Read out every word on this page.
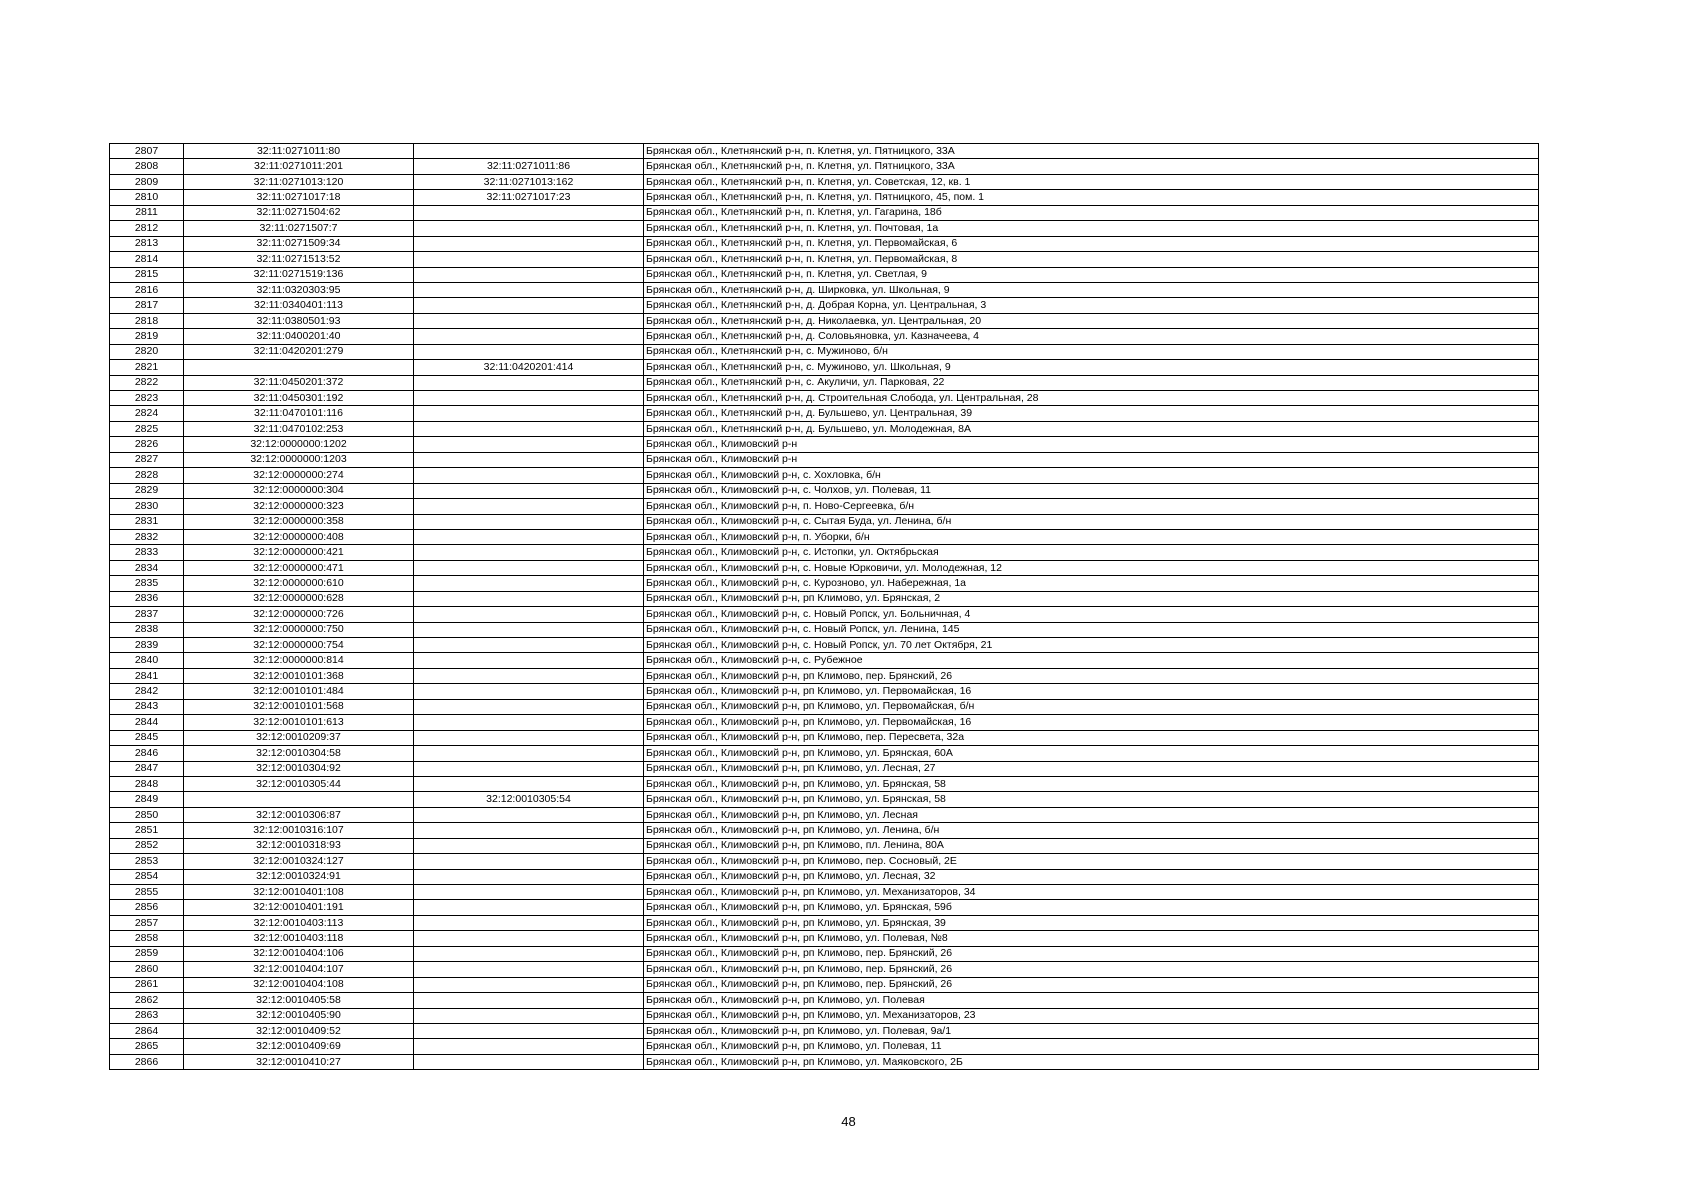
2807	32:11:0271011:80		Брянская обл., Клетнянский р-н, п. Клетня, ул. Пятницкого, 33А
2808	32:11:0271011:201	32:11:0271011:86	Брянская обл., Клетнянский р-н, п. Клетня, ул. Пятницкого, 33А
2809	32:11:0271013:120	32:11:0271013:162	Брянская обл., Клетнянский р-н, п. Клетня, ул. Советская, 12, кв. 1
2810	32:11:0271017:18	32:11:0271017:23	Брянская обл., Клетнянский р-н, п. Клетня, ул. Пятницкого, 45, пом. 1
2811	32:11:0271504:62		Брянская обл., Клетнянский р-н, п. Клетня, ул. Гагарина, 18б
2812	32:11:0271507:7		Брянская обл., Клетнянский р-н, п. Клетня, ул. Почтовая, 1а
2813	32:11:0271509:34		Брянская обл., Клетнянский р-н, п. Клетня, ул. Первомайская, 6
2814	32:11:0271513:52		Брянская обл., Клетнянский р-н, п. Клетня, ул. Первомайская, 8
2815	32:11:0271519:136		Брянская обл., Клетнянский р-н, п. Клетня, ул. Светлая, 9
2816	32:11:0320303:95		Брянская обл., Клетнянский р-н, д. Ширковка, ул. Школьная, 9
2817	32:11:0340401:113		Брянская обл., Клетнянский р-н, д. Добрая Корна, ул. Центральная, 3
2818	32:11:0380501:93		Брянская обл., Клетнянский р-н, д. Николаевка, ул. Центральная, 20
2819	32:11:0400201:40		Брянская обл., Клетнянский р-н, д. Соловьяновка, ул. Казначеева, 4
2820	32:11:0420201:279		Брянская обл., Клетнянский р-н, с. Мужиново, б/н
2821		32:11:0420201:414	Брянская обл., Клетнянский р-н, с. Мужиново, ул. Школьная, 9
2822	32:11:0450201:372		Брянская обл., Клетнянский р-н, с. Акуличи, ул. Парковая, 22
2823	32:11:0450301:192		Брянская обл., Клетнянский р-н, д. Строительная Слобода, ул. Центральная, 28
2824	32:11:0470101:116		Брянская обл., Клетнянский р-н, д. Бульшево, ул. Центральная, 39
2825	32:11:0470102:253		Брянская обл., Клетнянский р-н, д. Бульшево, ул. Молодежная, 8А
2826	32:12:0000000:1202		Брянская обл., Климовский р-н
2827	32:12:0000000:1203		Брянская обл., Климовский р-н
2828	32:12:0000000:274		Брянская обл., Климовский р-н, с. Хохловка, б/н
2829	32:12:0000000:304		Брянская обл., Климовский р-н, с. Чолхов, ул. Полевая, 11
2830	32:12:0000000:323		Брянская обл., Климовский р-н, п. Ново-Сергеевка, б/н
2831	32:12:0000000:358		Брянская обл., Климовский р-н, с. Сытая Буда, ул. Ленина, б/н
2832	32:12:0000000:408		Брянская обл., Климовский р-н, п. Уборки, б/н
2833	32:12:0000000:421		Брянская обл., Климовский р-н, с. Истопки, ул. Октябрьская
2834	32:12:0000000:471		Брянская обл., Климовский р-н, с. Новые Юрковичи, ул. Молодежная, 12
2835	32:12:0000000:610		Брянская обл., Климовский р-н, с. Курозново, ул. Набережная, 1а
2836	32:12:0000000:628		Брянская обл., Климовский р-н, рп Климово, ул. Брянская, 2
2837	32:12:0000000:726		Брянская обл., Климовский р-н, с. Новый Ропск, ул. Больничная, 4
2838	32:12:0000000:750		Брянская обл., Климовский р-н, с. Новый Ропск, ул. Ленина, 145
2839	32:12:0000000:754		Брянская обл., Климовский р-н, с. Новый Ропск, ул. 70 лет Октября, 21
2840	32:12:0000000:814		Брянская обл., Климовский р-н, с. Рубежное
2841	32:12:0010101:368		Брянская обл., Климовский р-н, рп Климово, пер. Брянский, 26
2842	32:12:0010101:484		Брянская обл., Климовский р-н, рп Климово, ул. Первомайская, 16
2843	32:12:0010101:568		Брянская обл., Климовский р-н, рп Климово, ул. Первомайская, б/н
2844	32:12:0010101:613		Брянская обл., Климовский р-н, рп Климово, ул. Первомайская, 16
2845	32:12:0010209:37		Брянская обл., Климовский р-н, рп Климово, пер. Пересвета, 32а
2846	32:12:0010304:58		Брянская обл., Климовский р-н, рп Климово, ул. Брянская, 60А
2847	32:12:0010304:92		Брянская обл., Климовский р-н, рп Климово, ул. Лесная, 27
2848	32:12:0010305:44		Брянская обл., Климовский р-н, рп Климово, ул. Брянская, 58
2849		32:12:0010305:54	Брянская обл., Климовский р-н, рп Климово, ул. Брянская, 58
2850	32:12:0010306:87		Брянская обл., Климовский р-н, рп Климово, ул. Лесная
2851	32:12:0010316:107		Брянская обл., Климовский р-н, рп Климово, ул. Ленина, б/н
2852	32:12:0010318:93		Брянская обл., Климовский р-н, рп Климово, пл. Ленина, 80А
2853	32:12:0010324:127		Брянская обл., Климовский р-н, рп Климово, пер. Сосновый, 2Е
2854	32:12:0010324:91		Брянская обл., Климовский р-н, рп Климово, ул. Лесная, 32
2855	32:12:0010401:108		Брянская обл., Климовский р-н, рп Климово, ул. Механизаторов, 34
2856	32:12:0010401:191		Брянская обл., Климовский р-н, рп Климово, ул. Брянская, 59б
2857	32:12:0010403:113		Брянская обл., Климовский р-н, рп Климово, ул. Брянская, 39
2858	32:12:0010403:118		Брянская обл., Климовский р-н, рп Климово, ул. Полевая, №8
2859	32:12:0010404:106		Брянская обл., Климовский р-н, рп Климово, пер. Брянский, 26
2860	32:12:0010404:107		Брянская обл., Климовский р-н, рп Климово, пер. Брянский, 26
2861	32:12:0010404:108		Брянская обл., Климовский р-н, рп Климово, пер. Брянский, 26
2862	32:12:0010405:58		Брянская обл., Климовский р-н, рп Климово, ул. Полевая
2863	32:12:0010405:90		Брянская обл., Климовский р-н, рп Климово, ул. Механизаторов, 23
2864	32:12:0010409:52		Брянская обл., Климовский р-н, рп Климово, ул. Полевая, 9а/1
2865	32:12:0010409:69		Брянская обл., Климовский р-н, рп Климово, ул. Полевая, 11
2866	32:12:0010410:27		Брянская обл., Климовский р-н, рп Климово, ул. Маяковского, 2Б
48
